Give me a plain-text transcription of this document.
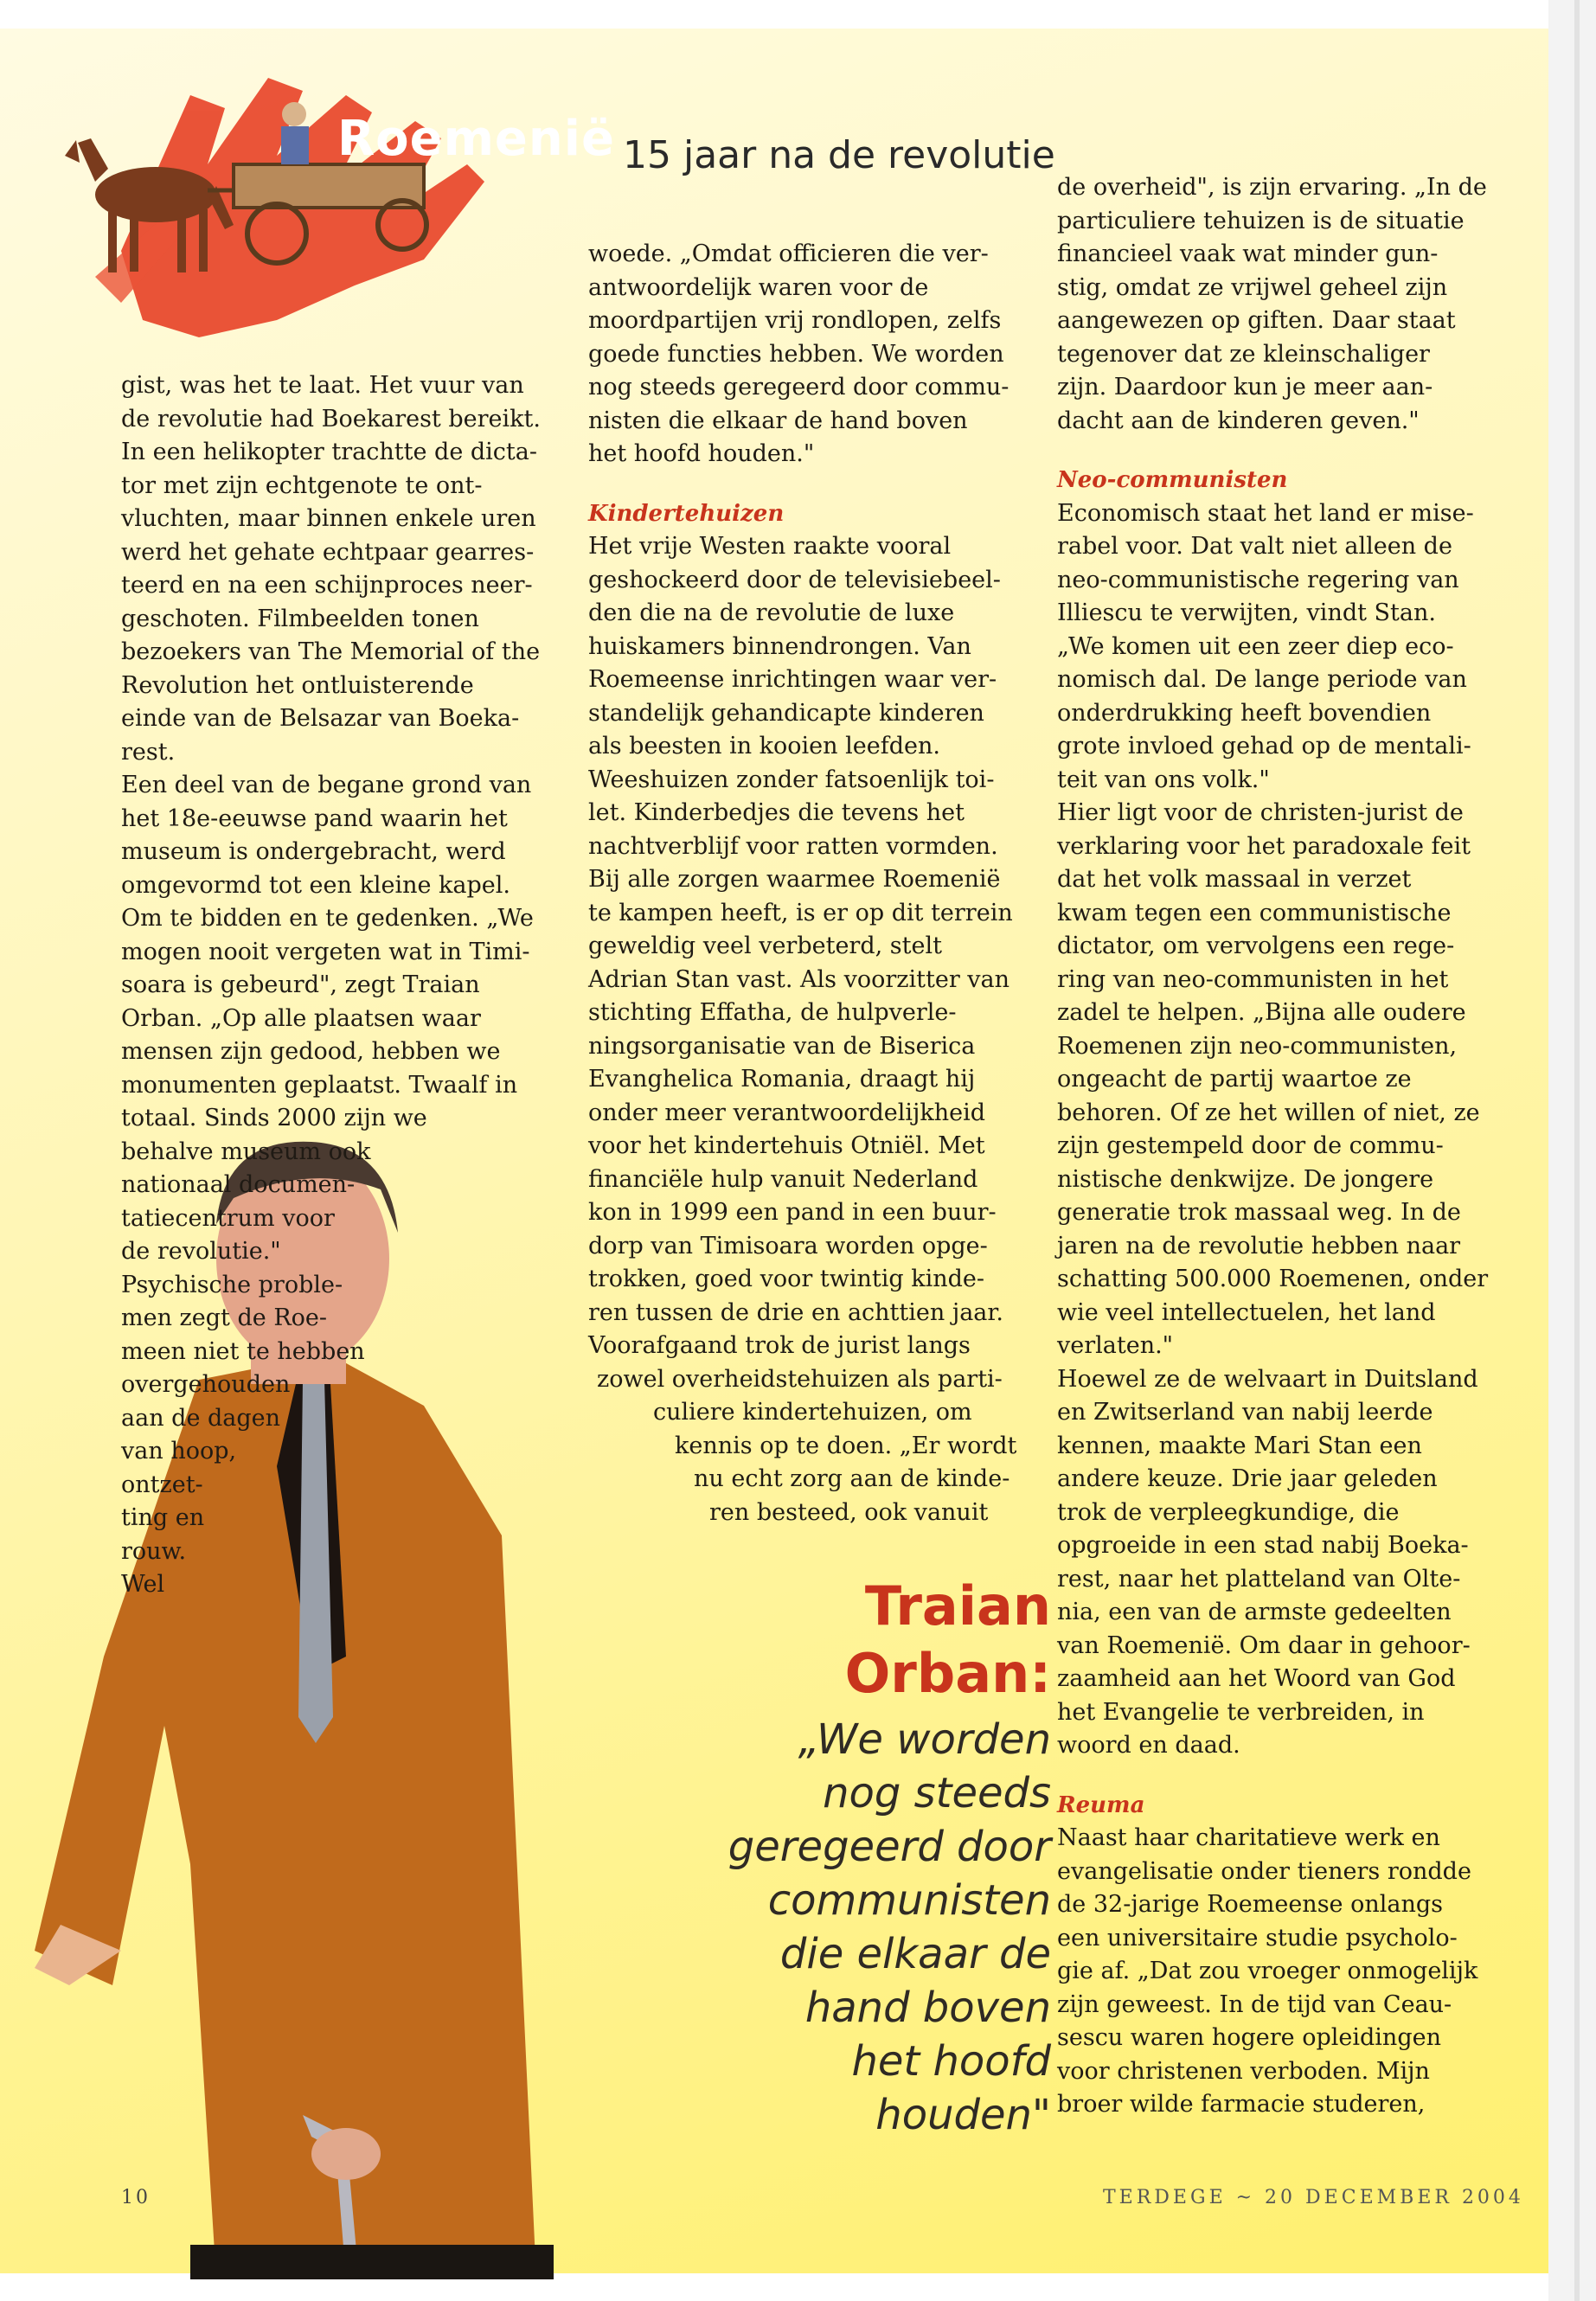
Roemenië 15 jaar na de revolutie

gist, was het te laat. Het vuur van
de revolutie had Boekarest bereikt.
In een helikopter trachtte de dicta-
tor met zijn echtgenote te ont-
vluchten, maar binnen enkele uren
werd het gehate echtpaar gearres-
teerd en na een schijnproces neer-
geschoten. Filmbeelden tonen
bezoekers van The Memorial of the
Revolution het ontluisterende
einde van de Belsazar van Boeka-
rest.
Een deel van de begane grond van
het 18e-eeuwse pand waarin het
museum is ondergebracht, werd
omgevormd tot een kleine kapel.
Om te bidden en te gedenken. „We
mogen nooit vergeten wat in Timi-
soara is gebeurd", zegt Traian
Orban. „Op alle plaatsen waar
mensen zijn gedood, hebben we
monumenten geplaatst. Twaalf in
totaal. Sinds 2000 zijn we
behalve museum ook
nationaal documen-
tatiecentrum voor
de revolutie."
Psychische proble-
men zegt de Roe-
meen niet te hebben
overgehouden
aan de dagen
van hoop,
ontzet-
ting en
rouw.
Wel

woede. „Omdat officieren die ver-
antwoordelijk waren voor de
moordpartijen vrij rondlopen, zelfs
goede functies hebben. We worden
nog steeds geregeerd door commu-
nisten die elkaar de hand boven
het hoofd houden."

Kindertehuizen

Het vrije Westen raakte vooral
geshockeerd door de televisiebeel-
den die na de revolutie de luxe
huiskamers binnendrongen. Van
Roemeense inrichtingen waar ver-
standelijk gehandicapte kinderen
als beesten in kooien leefden.
Weeshuizen zonder fatsoenlijk toi-
let. Kinderbedjes die tevens het
nachtverblijf voor ratten vormden.
Bij alle zorgen waarmee Roemenië
te kampen heeft, is er op dit terrein
geweldig veel verbeterd, stelt
Adrian Stan vast. Als voorzitter van
stichting Effatha, de hulpverle-
ningsorganisatie van de Biserica
Evanghelica Romania, draagt hij
onder meer verantwoordelijkheid
voor het kindertehuis Otniël. Met
financiële hulp vanuit Nederland
kon in 1999 een pand in een buur-
dorp van Timisoara worden opge-
trokken, goed voor twintig kinde-
ren tussen de drie en achttien jaar.
Voorafgaand trok de jurist langs
zowel overheidstehuizen als parti-
culiere kindertehuizen, om
kennis op te doen. „Er wordt
nu echt zorg aan de kinde-
ren besteed, ook vanuit

de overheid", is zijn ervaring. „In de
particuliere tehuizen is de situatie
financieel vaak wat minder gun-
stig, omdat ze vrijwel geheel zijn
aangewezen op giften. Daar staat
tegenover dat ze kleinschaliger
zijn. Daardoor kun je meer aan-
dacht aan de kinderen geven."

Neo-communisten

Economisch staat het land er mise-
rabel voor. Dat valt niet alleen de
neo-communistische regering van
Illiescu te verwijten, vindt Stan.
„We komen uit een zeer diep eco-
nomisch dal. De lange periode van
onderdrukking heeft bovendien
grote invloed gehad op de mentali-
teit van ons volk."
Hier ligt voor de christen-jurist de
verklaring voor het paradoxale feit
dat het volk massaal in verzet
kwam tegen een communistische
dictator, om vervolgens een rege-
ring van neo-communisten in het
zadel te helpen. „Bijna alle oudere
Roemenen zijn neo-communisten,
ongeacht de partij waartoe ze
behoren. Of ze het willen of niet, ze
zijn gestempeld door de commu-
nistische denkwijze. De jongere
generatie trok massaal weg. In de
jaren na de revolutie hebben naar
schatting 500.000 Roemenen, onder
wie veel intellectuelen, het land
verlaten."
Hoewel ze de welvaart in Duitsland
en Zwitserland van nabij leerde
kennen, maakte Mari Stan een
andere keuze. Drie jaar geleden
trok de verpleegkundige, die
opgroeide in een stad nabij Boeka-
rest, naar het platteland van Olte-
nia, een van de armste gedeelten
van Roemenië. Om daar in gehoor-
zaamheid aan het Woord van God
het Evangelie te verbreiden, in
woord en daad.

Reuma

Naast haar charitatieve werk en
evangelisatie onder tieners rondde
de 32-jarige Roemeense onlangs
een universitaire studie psycholo-
gie af. „Dat zou vroeger onmogelijk
zijn geweest. In de tijd van Ceau-
sescu waren hogere opleidingen
voor christenen verboden. Mijn
broer wilde farmacie studeren,

Traian
Orban:
„We worden
nog steeds
geregeerd door
communisten
die elkaar de
hand boven
het hoofd
houden"
10	TERDEGE ~ 20 DECEMBER 2004
